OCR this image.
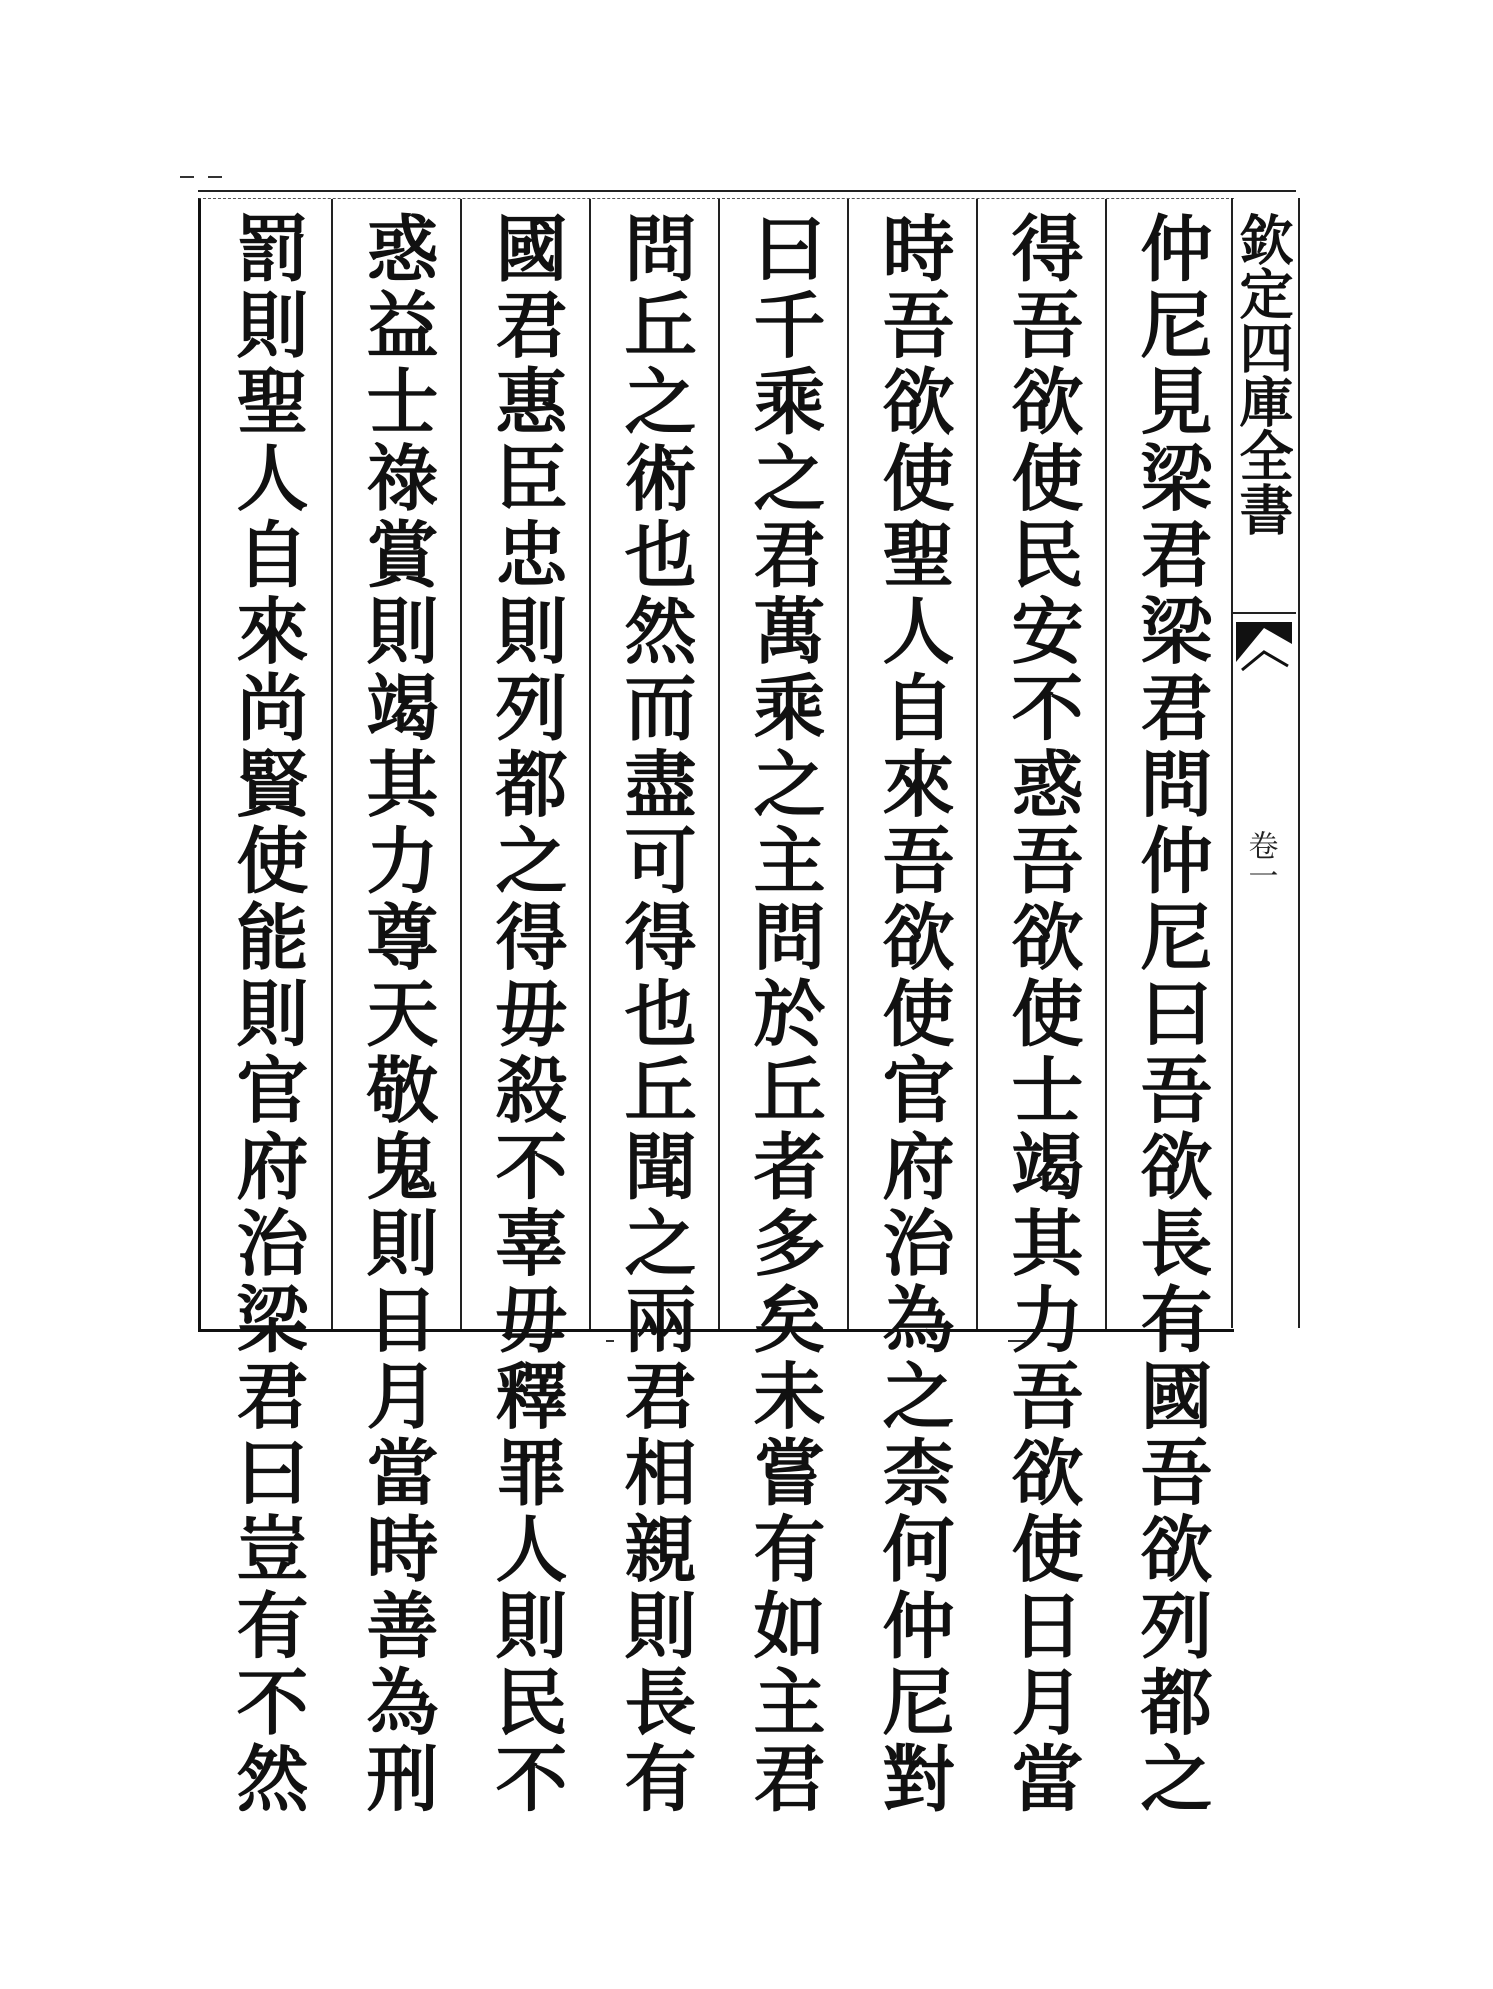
仲尼見梁君梁君問仲尼曰吾欲長有國吾欲列都之
得吾欲使民安不惑吾欲使士竭其力吾欲使日月當
時吾欲使聖人自來吾欲使官府治為之柰何仲尼對
曰千乘之君萬乘之主問於丘者多矣未嘗有如主君
問丘之術也然而盡可得也丘聞之兩君相親則長有
國君惠臣忠則列都之得毋殺不辜毋釋罪人則民不
惑益士祿賞則竭其力尊天敬鬼則日月當時善為刑
罰則聖人自來尚賢使能則官府治梁君曰豈有不然	欽定四庫全書
卷一
